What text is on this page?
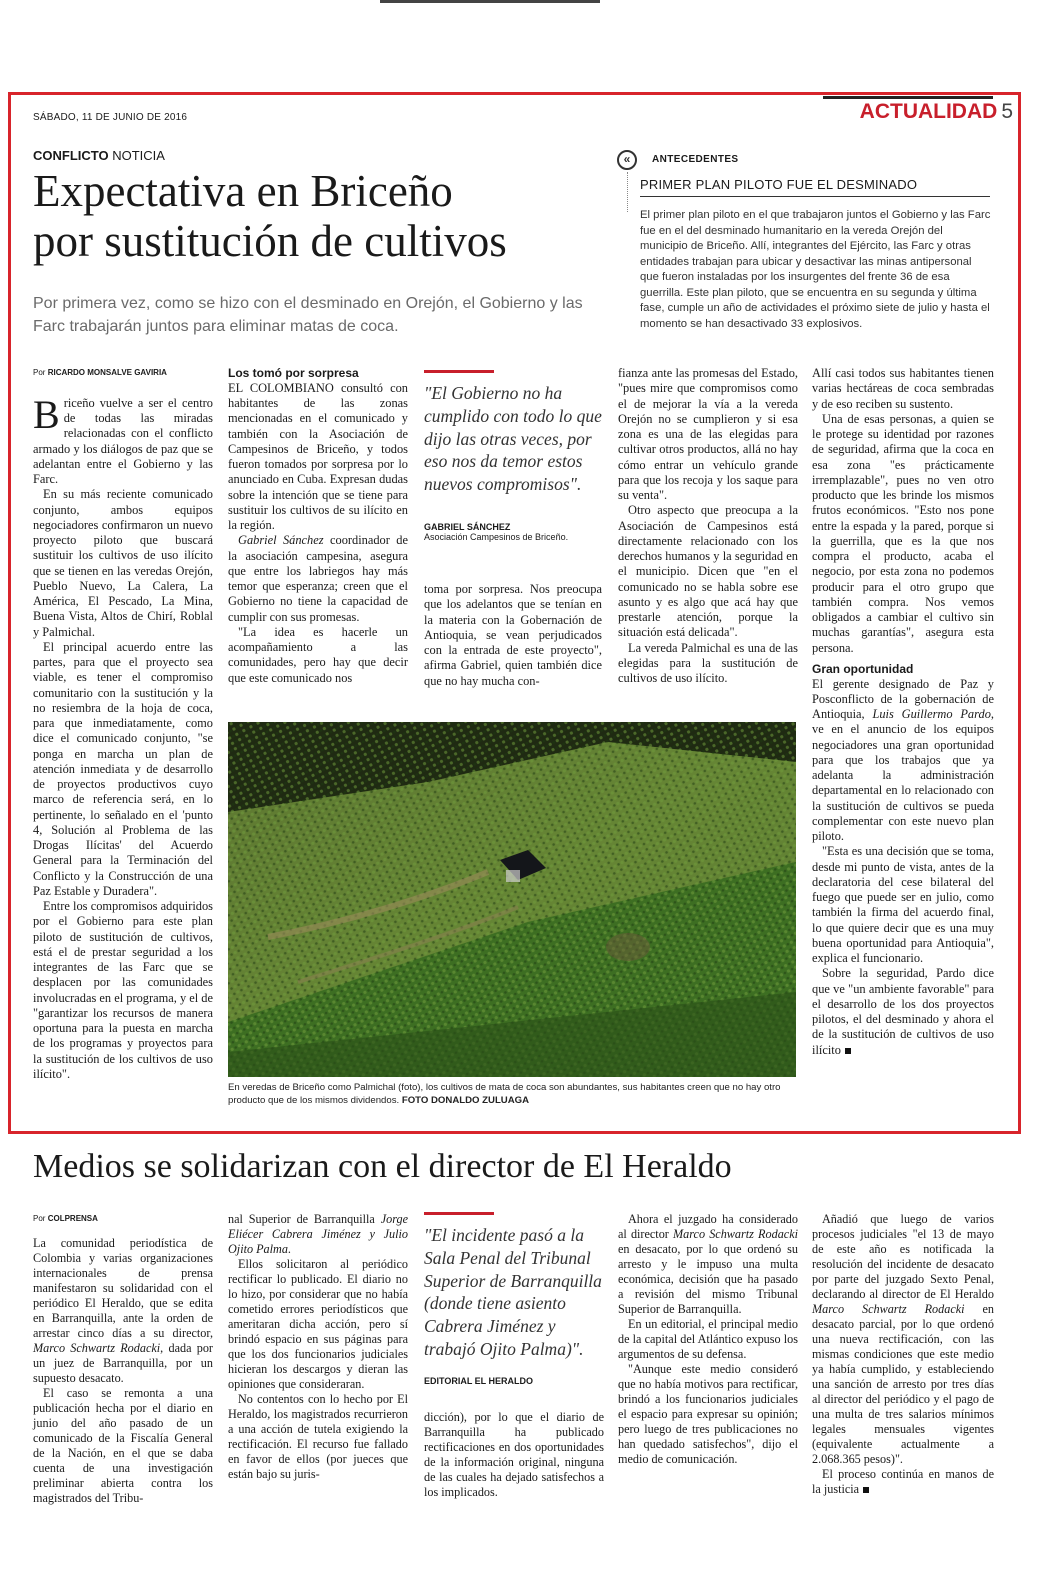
SÁBADO, 11 DE JUNIO DE 2016	ACTUALIDAD 5
CONFLICTO NOTICIA
Expectativa en Briceño
por sustitución de cultivos
Por primera vez, como se hizo con el desminado en Orejón, el Gobierno y las Farc trabajarán juntos para eliminar matas de coca.
«	ANTECEDENTES
PRIMER PLAN PILOTO FUE EL DESMINADO
El primer plan piloto en el que trabajaron juntos el Gobierno y las Farc fue en el del desminado humanitario en la vereda Orejón del municipio de Briceño. Allí, integrantes del Ejército, las Farc y otras entidades trabajan para ubicar y desactivar las minas antipersonal que fueron instaladas por los insurgentes del frente 36 de esa guerrilla. Este plan piloto, que se encuentra en su segunda y última fase, cumple un año de actividades el próximo siete de julio y hasta el momento se han desactivado 33 explosivos.
Por RICARDO MONSALVE GAVIRIA

Briceño vuelve a ser el centro de todas las miradas relacionadas con el conflicto armado y los diálogos de paz que se adelantan entre el Gobierno y las Farc.

En su más reciente comunicado conjunto, ambos equipos negociadores confirmaron un nuevo proyecto piloto que buscará sustituir los cultivos de uso ilícito que se tienen en las veredas Orejón, Pueblo Nuevo, La Calera, La América, El Pescado, La Mina, Buena Vista, Altos de Chirí, Roblal y Palmichal.

El principal acuerdo entre las partes, para que el proyecto sea viable, es tener el compromiso comunitario con la sustitución y la no resiembra de la hoja de coca, para que inmediatamente, como dice el comunicado conjunto, "se ponga en marcha un plan de atención inmediata y de desarrollo de proyectos productivos cuyo marco de referencia será, en lo pertinente, lo señalado en el 'punto 4, Solución al Problema de las Drogas Ilícitas' del Acuerdo General para la Terminación del Conflicto y la Construcción de una Paz Estable y Duradera".

Entre los compromisos adquiridos por el Gobierno para este plan piloto de sustitución de cultivos, está el de prestar seguridad a los integrantes de las Farc que se desplacen por las comunidades involucradas en el programa, y el de "garantizar los recursos de manera oportuna para la puesta en marcha de los programas y proyectos para la sustitución de los cultivos de uso ilícito".

Los tomó por sorpresa

EL COLOMBIANO consultó con habitantes de las zonas mencionadas en el comunicado y también con la Asociación de Campesinos de Briceño, y todos fueron tomados por sorpresa por lo anunciado en Cuba. Expresan dudas sobre la intención que se tiene para sustituir los cultivos de su ilícito en la región.

Gabriel Sánchez coordinador de la asociación campesina, asegura que entre los labriegos hay más temor que esperanza; creen que el Gobierno no tiene la capacidad de cumplir con sus promesas.

"La idea es hacerle un acompañamiento a las comunidades, pero hay que decir que este comunicado nos

"El Gobierno no ha cumplido con todo lo que dijo las otras veces, por eso nos da temor estos nuevos compromisos".
GABRIEL SÁNCHEZ
Asociación Campesinos de Briceño.

toma por sorpresa. Nos preocupa que los adelantos que se tenían en la materia con la Gobernación de Antioquia, se vean perjudicados con la entrada de este proyecto", afirma Gabriel, quien también dice que no hay mucha con-

fianza ante las promesas del Estado, "pues mire que compromisos como el de mejorar la vía a la vereda Orejón no se cumplieron y si esa zona es una de las elegidas para cultivar otros productos, allá no hay cómo entrar un vehículo grande para que los recoja y los saque para su venta".

Otro aspecto que preocupa a la Asociación de Campesinos está directamente relacionado con los derechos humanos y la seguridad en el municipio. Dicen que "en el comunicado no se habla sobre ese asunto y es algo que acá hay que prestarle atención, porque la situación está delicada".

La vereda Palmichal es una de las elegidas para la sustitución de cultivos de uso ilícito.

Allí casi todos sus habitantes tienen varias hectáreas de coca sembradas y de eso reciben su sustento.

Una de esas personas, a quien se le protege su identidad por razones de seguridad, afirma que la coca en esa zona "es prácticamente irremplazable", pues no ven otro producto que les brinde los mismos frutos económicos. "Esto nos pone entre la espada y la pared, porque si la guerrilla, que es la que nos compra el producto, acaba el negocio, por esta zona no podemos producir para el otro grupo que también compra. Nos vemos obligados a cambiar el cultivo sin muchas garantías", asegura esta persona.

Gran oportunidad

El gerente designado de Paz y Posconflicto de la gobernación de Antioquia, Luis Guillermo Pardo, ve en el anuncio de los equipos negociadores una gran oportunidad para que los trabajos que ya adelanta la administración departamental en lo relacionado con la sustitución de cultivos se pueda complementar con este nuevo plan piloto.

"Esta es una decisión que se toma, desde mi punto de vista, antes de la declaratoria del cese bilateral del fuego que puede ser en julio, como también la firma del acuerdo final, lo que quiere decir que es una muy buena oportunidad para Antioquia", explica el funcionario.

Sobre la seguridad, Pardo dice que ve "un ambiente favorable" para el desarrollo de los dos proyectos pilotos, el del desminado y ahora el de la sustitución de cultivos de uso ilícito

En veredas de Briceño como Palmichal (foto), los cultivos de mata de coca son abundantes, sus habitantes creen que no hay otro producto que de los mismos dividendos. FOTO DONALDO ZULUAGA
Medios se solidarizan con el director de El Heraldo
Por COLPRENSA

La comunidad periodística de Colombia y varias organizaciones internacionales de prensa manifestaron su solidaridad con el periódico El Heraldo, que se edita en Barranquilla, ante la orden de arrestar cinco días a su director, Marco Schwartz Rodacki, dada por un juez de Barranquilla, por un supuesto desacato.

El caso se remonta a una publicación hecha por el diario en junio del año pasado de un comunicado de la Fiscalía General de la Nación, en el que se daba cuenta de una investigación preliminar abierta contra los magistrados del Tribu-

nal Superior de Barranquilla Jorge Eliécer Cabrera Jiménez y Julio Ojito Palma.

Ellos solicitaron al periódico rectificar lo publicado. El diario no lo hizo, por considerar que no había cometido errores periodísticos que ameritaran dicha acción, pero sí brindó espacio en sus páginas para que los dos funcionarios judiciales hicieran los descargos y dieran las opiniones que consideraran.

No contentos con lo hecho por El Heraldo, los magistrados recurrieron a una acción de tutela exigiendo la rectificación. El recurso fue fallado en favor de ellos (por jueces que están bajo su juris-

"El incidente pasó a la Sala Penal del Tribunal Superior de Barranquilla (donde tiene asiento Cabrera Jiménez y trabajó Ojito Palma)".
EDITORIAL EL HERALDO

dicción), por lo que el diario de Barranquilla ha publicado rectificaciones en dos oportunidades de la información original, ninguna de las cuales ha dejado satisfechos a los implicados.

Ahora el juzgado ha considerado al director Marco Schwartz Rodacki en desacato, por lo que ordenó su arresto y le impuso una multa económica, decisión que ha pasado a revisión del mismo Tribunal Superior de Barranquilla.

En un editorial, el principal medio de la capital del Atlántico expuso los argumentos de su defensa.

"Aunque este medio consideró que no había motivos para rectificar, brindó a los funcionarios judiciales el espacio para expresar su opinión; pero luego de tres publicaciones no han quedado satisfechos", dijo el medio de comunicación.

Añadió que luego de varios procesos judiciales "el 13 de mayo de este año es notificada la resolución del incidente de desacato por parte del juzgado Sexto Penal, declarando al director de El Heraldo Marco Schwartz Rodacki en desacato parcial, por lo que ordenó una nueva rectificación, con las mismas condiciones que este medio ya había cumplido, y estableciendo una sanción de arresto por tres días al director del periódico y el pago de una multa de tres salarios mínimos legales mensuales vigentes (equivalente actualmente a 2.068.365 pesos)".

El proceso continúa en manos de la justicia
